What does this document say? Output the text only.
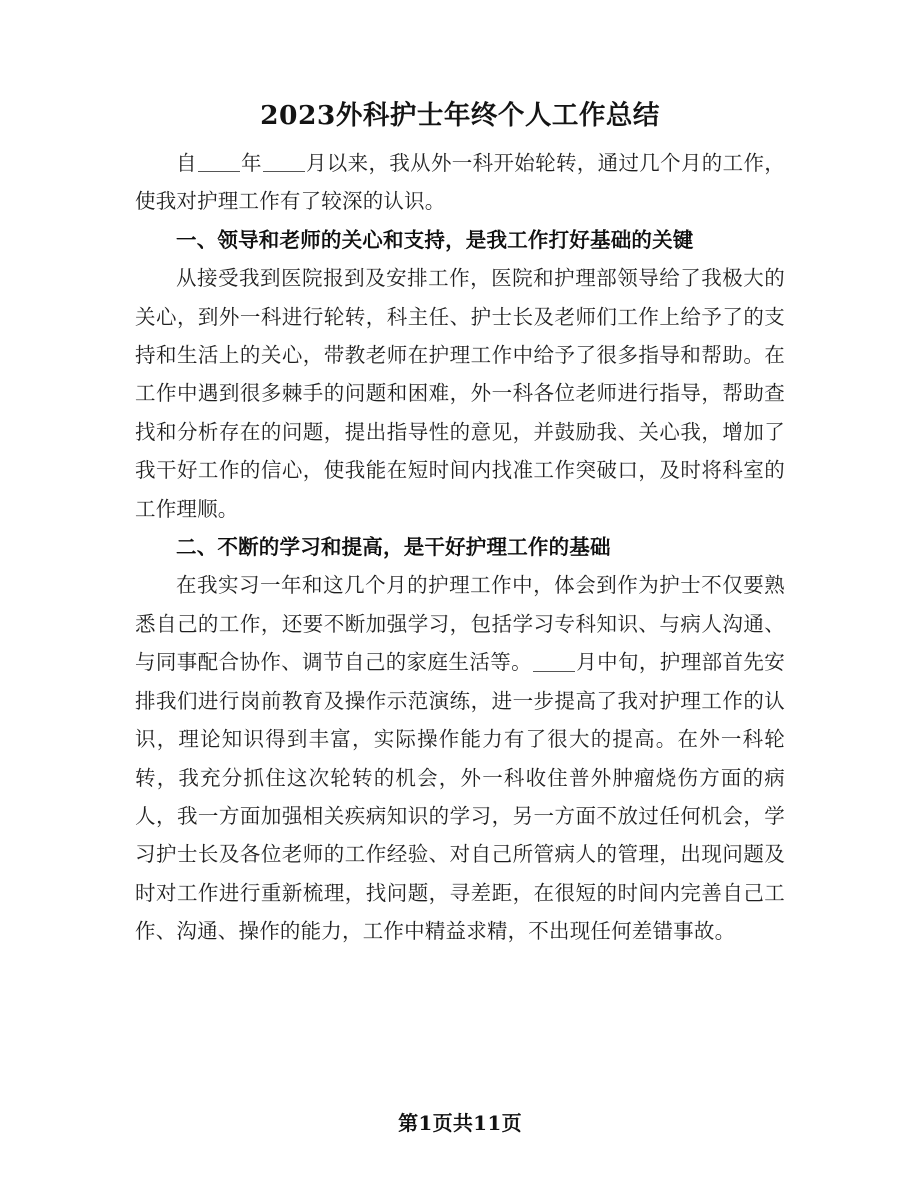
2023外科护士年终个人工作总结

自 年 月以来，我从外一科开始轮转，通过几个月的工作，使我对护理工作有了较深的认识。

一、领导和老师的关心和支持，是我工作打好基础的关键

从接受我到医院报到及安排工作，医院和护理部领导给了我极大的关心，到外一科进行轮转，科主任、护士长及老师们工作上给予了的支持和生活上的关心，带教老师在护理工作中给予了很多指导和帮助。在工作中遇到很多棘手的问题和困难，外一科各位老师进行指导，帮助查找和分析存在的问题，提出指导性的意见，并鼓励我、关心我，增加了我干好工作的信心，使我能在短时间内找准工作突破口，及时将科室的工作理顺。

二、不断的学习和提高，是干好护理工作的基础

在我实习一年和这几个月的护理工作中，体会到作为护士不仅要熟悉自己的工作，还要不断加强学习，包括学习专科知识、与病人沟通、与同事配合协作、调节自己的家庭生活等。 月中旬，护理部首先安排我们进行岗前教育及操作示范演练，进一步提高了我对护理工作的认识，理论知识得到丰富，实际操作能力有了很大的提高。在外一科轮转，我充分抓住这次轮转的机会，外一科收住普外肿瘤烧伤方面的病人，我一方面加强相关疾病知识的学习，另一方面不放过任何机会，学习护士长及各位老师的工作经验、对自己所管病人的管理，出现问题及时对工作进行重新梳理，找问题，寻差距，在很短的时间内完善自己工作、沟通、操作的能力，工作中精益求精，不出现任何差错事故。

第1页共11页
